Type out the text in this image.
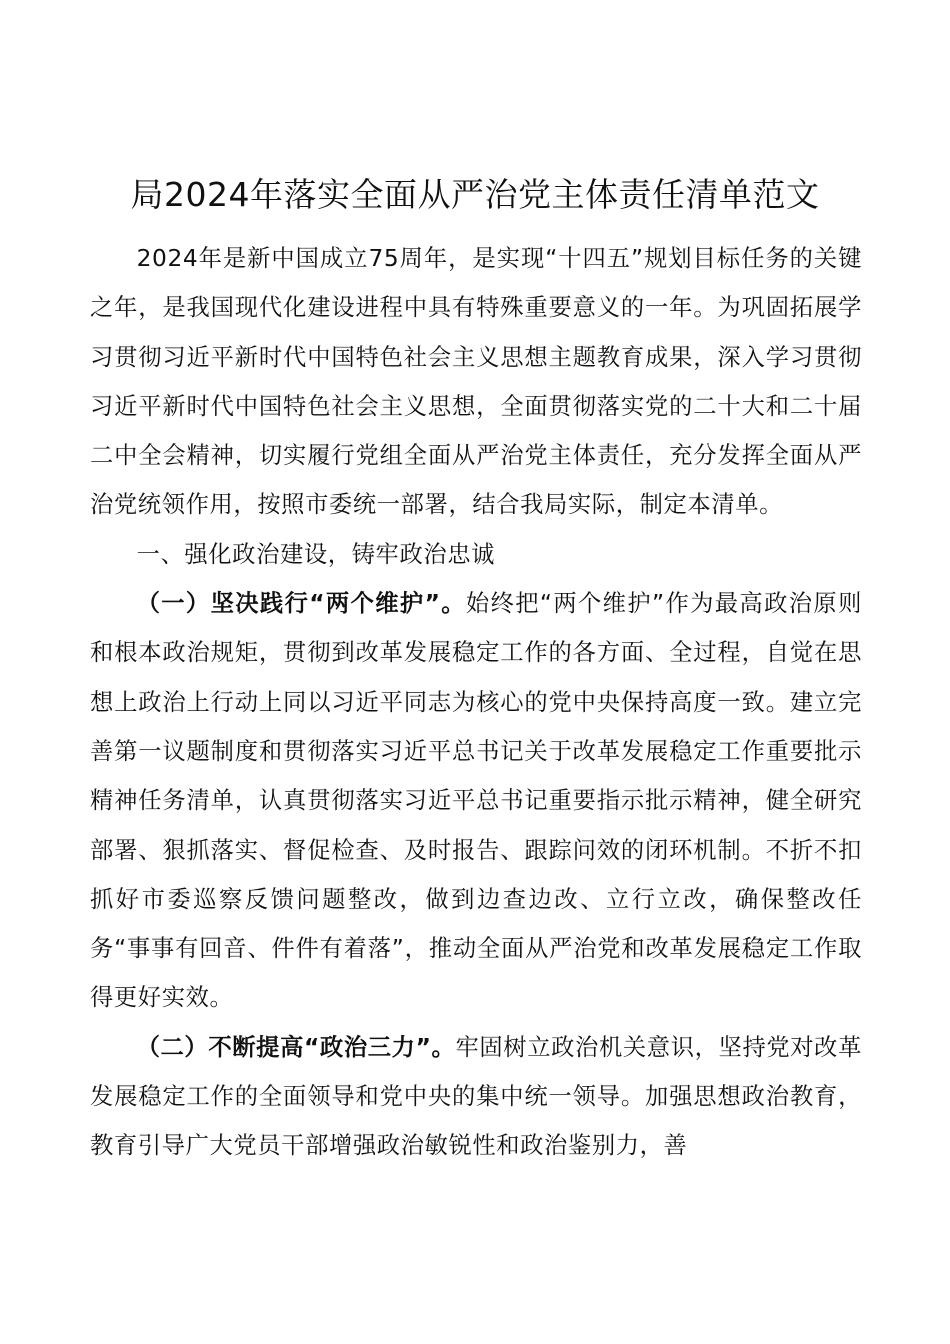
局2024年落实全面从严治党主体责任清单范文

2024年是新中国成立75周年，是实现“十四五”规划目标任务的关键之年，是我国现代化建设进程中具有特殊重要意义的一年。为巩固拓展学习贯彻习近平新时代中国特色社会主义思想主题教育成果，深入学习贯彻习近平新时代中国特色社会主义思想，全面贯彻落实党的二十大和二十届二中全会精神，切实履行党组全面从严治党主体责任，充分发挥全面从严治党统领作用，按照市委统一部署，结合我局实际，制定本清单。

一、强化政治建设，铸牢政治忠诚

（一）坚决践行“两个维护”。始终把“两个维护”作为最高政治原则和根本政治规矩，贯彻到改革发展稳定工作的各方面、全过程，自觉在思想上政治上行动上同以习近平同志为核心的党中央保持高度一致。建立完善第一议题制度和贯彻落实习近平总书记关于改革发展稳定工作重要批示精神任务清单，认真贯彻落实习近平总书记重要指示批示精神，健全研究部署、狠抓落实、督促检查、及时报告、跟踪问效的闭环机制。不折不扣抓好市委巡察反馈问题整改，做到边查边改、立行立改，确保整改任务“事事有回音、件件有着落”，推动全面从严治党和改革发展稳定工作取得更好实效。

（二）不断提高“政治三力”。牢固树立政治机关意识，坚持党对改革发展稳定工作的全面领导和党中央的集中统一领导。加强思想政治教育，教育引导广大党员干部增强政治敏锐性和政治鉴别力，善
